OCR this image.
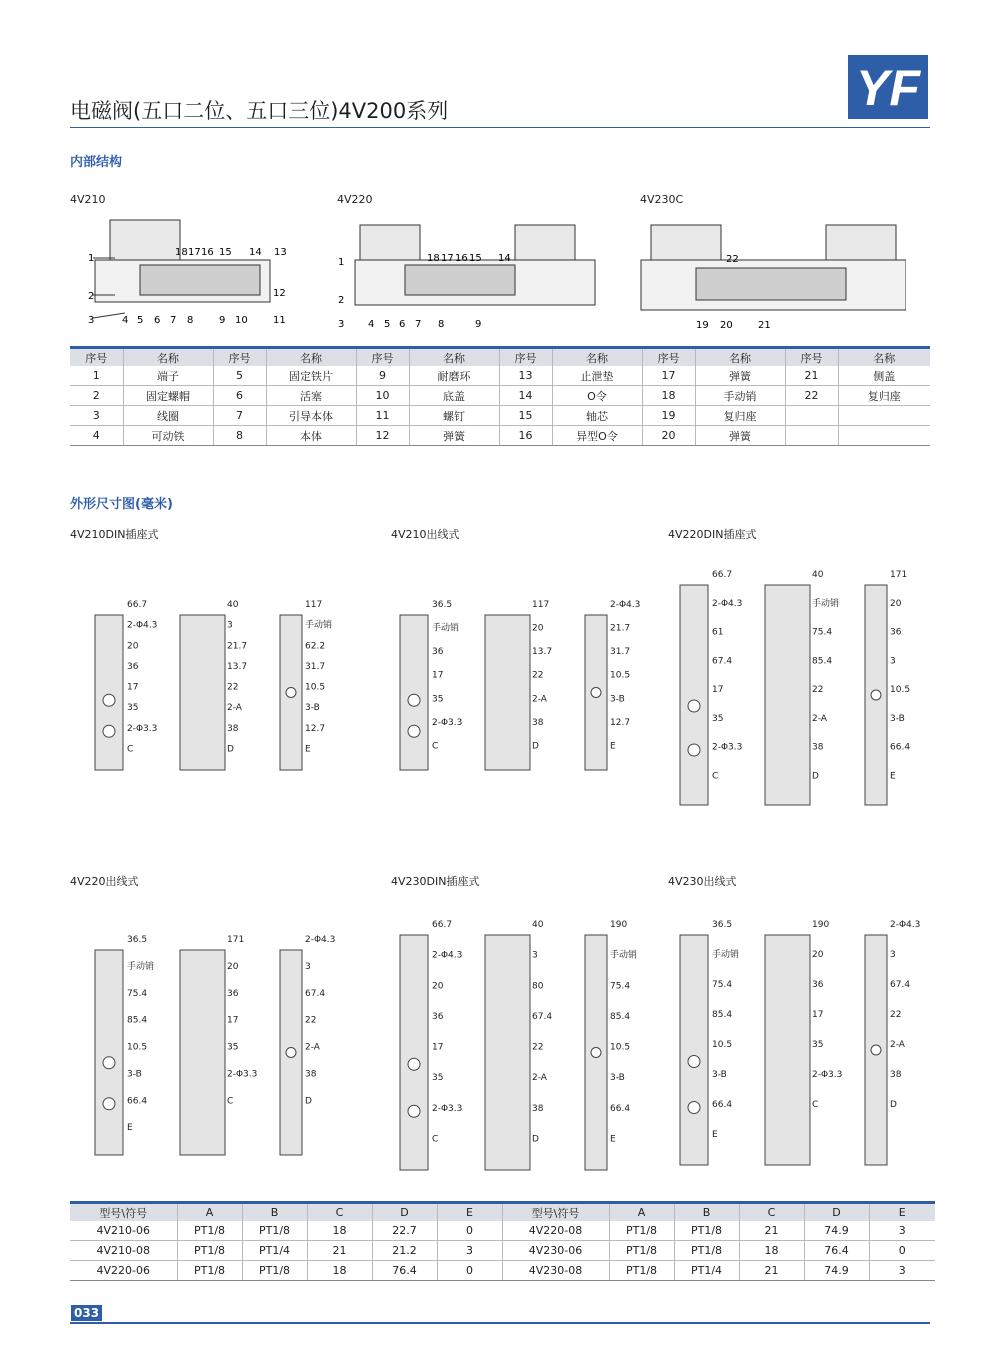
电磁阀(五口二位、五口三位)4V200系列	YF
内部结构
4V210	4V220	4V230C
1
2
3
18 17 16 15 14 13
12
4 5 6 7 8	9 10	11
1
2
3
18 17 16 15 14
4 5 6 7 8	9
22
19 20	21
序号	名称	序号	名称	序号	名称	序号	名称	序号	名称	序号	名称
1	端子	5	固定铁片	9	耐磨环	13	止泄垫	17	弹簧	21	侧盖
2	固定螺帽	6	活塞	10	底盖	14	O令	18	手动销	22	复归座
3	线圈	7	引导本体	11	螺钉	15	轴芯	19	复归座		
4	可动铁	8	本体	12	弹簧	16	异型O令	20	弹簧		
外形尺寸图(毫米)
4V210DIN插座式	4V210出线式	4V220DIN插座式
4V220出线式	4V230DIN插座式	4V230出线式
66.7	40	117
2-Φ4.3	3	手动销
20	21.7	62.2
36	13.7	31.7
17	22	10.5
35	2-A	3-B
2-Φ3.3	38	12.7
C	D	E
36.5	117	2-Φ4.3
手动销	20	21.7
36	13.7	31.7
17	22	10.5
35	2-A	3-B
2-Φ3.3	38	12.7
C	D	E
66.7	40	171
2-Φ4.3	手动销	20
61	75.4	36
67.4	85.4	3
17	22	10.5
35	2-A	3-B
2-Φ3.3	38	66.4
C	D	E
36.5	171	2-Φ4.3
手动销	20	3
75.4	36	67.4
85.4	17	22
10.5	35	2-A
3-B	2-Φ3.3	38
66.4	C	D
E
66.7	40	190
2-Φ4.3	3	手动销
20	80	75.4
36	67.4	85.4
17	22	10.5
35	2-A	3-B
2-Φ3.3	38	66.4
C	D	E
36.5	190	2-Φ4.3
手动销	20	3
75.4	36	67.4
85.4	17	22
10.5	35	2-A
3-B	2-Φ3.3	38
66.4	C	D
E
型号\符号	A	B	C	D	E	型号\符号	A	B	C	D	E
4V210-06	PT1/8	PT1/8	18	22.7	0	4V220-08	PT1/8	PT1/8	21	74.9	3
4V210-08	PT1/8	PT1/4	21	21.2	3	4V230-06	PT1/8	PT1/8	18	76.4	0
4V220-06	PT1/8	PT1/8	18	76.4	0	4V230-08	PT1/8	PT1/4	21	74.9	3
033
